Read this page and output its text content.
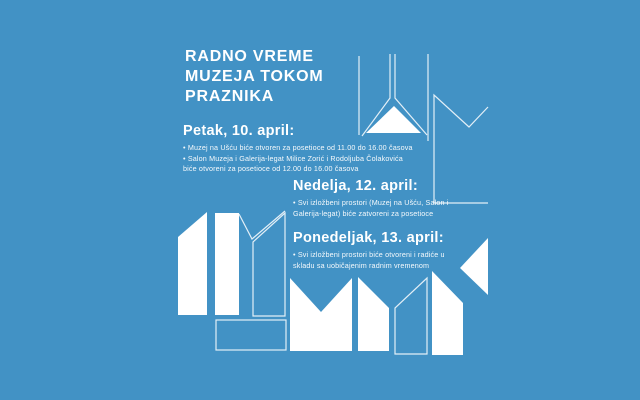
RADNO VREME
MUZEJA TOKOM
PRAZNIKA

Petak, 10. april:

• Muzej na Ušću biće otvoren za posetioce od 11.00 do 16.00 časova

• Salon Muzeja i Galerija-legat Milice Zorić i Rodoljuba Čolakovića

biće otvoreni za posetioce od 12.00 do 16.00 časova

Nedelja, 12. april:

• Svi izložbeni prostori (Muzej na Ušću, Salon i

Galerija-legat) biće zatvoreni za posetioce

Ponedeljak, 13. april:

• Svi izložbeni prostori biće otvoreni i radiće u

skladu sa uobičajenim radnim vremenom
